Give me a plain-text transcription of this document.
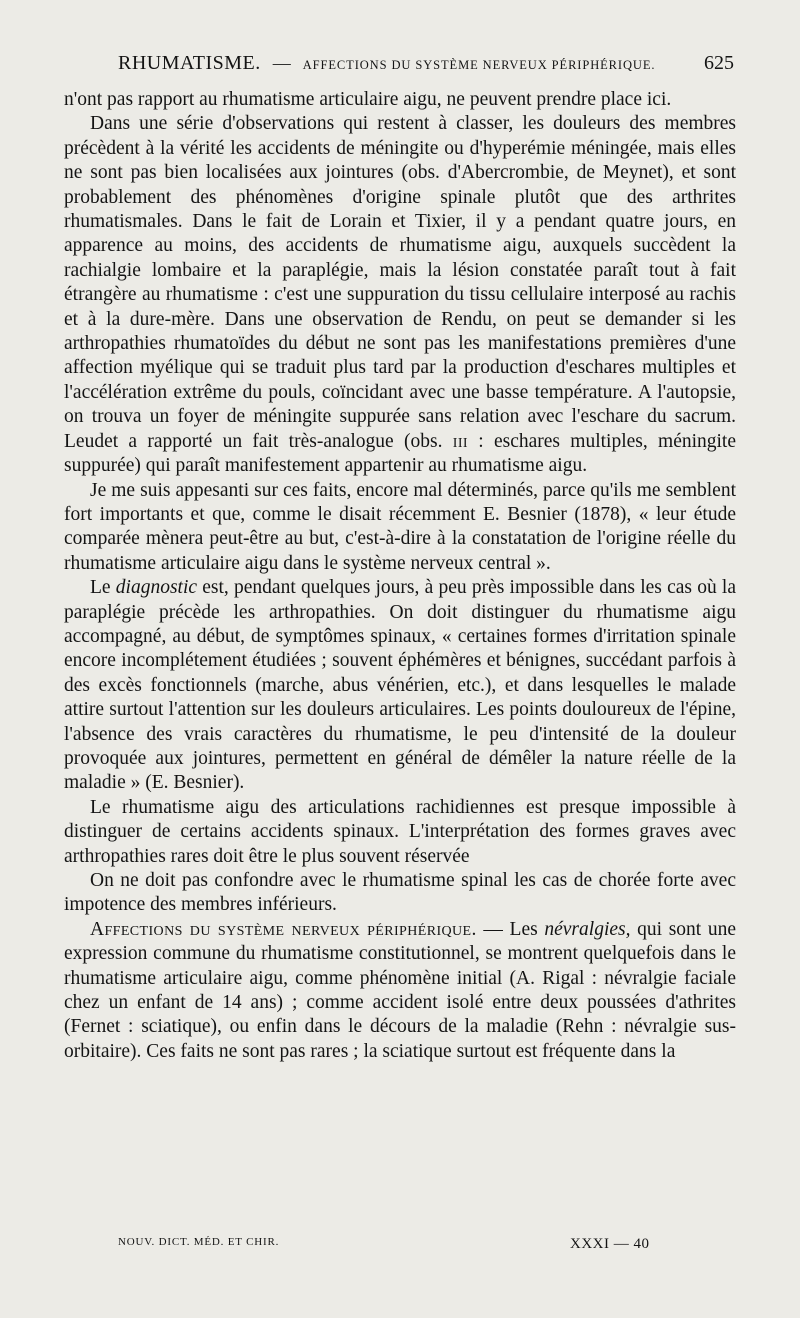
RHUMATISME. — AFFECTIONS DU SYSTÈME NERVEUX PÉRIPHÉRIQUE. 625

n'ont pas rapport au rhumatisme articulaire aigu, ne peuvent prendre place ici.

Dans une série d'observations qui restent à classer, les douleurs des membres précèdent à la vérité les accidents de méningite ou d'hyperémie méningée, mais elles ne sont pas bien localisées aux jointures (obs. d'Abercrombie, de Meynet), et sont probablement des phénomènes d'origine spinale plutôt que des arthrites rhumatismales. Dans le fait de Lorain et Tixier, il y a pendant quatre jours, en apparence au moins, des accidents de rhumatisme aigu, auxquels succèdent la rachialgie lombaire et la paraplégie, mais la lésion constatée paraît tout à fait étrangère au rhumatisme : c'est une suppuration du tissu cellulaire interposé au rachis et à la dure-mère. Dans une observation de Rendu, on peut se demander si les arthropathies rhumatoïdes du début ne sont pas les manifestations premières d'une affection myélique qui se traduit plus tard par la production d'eschares multiples et l'accélération extrême du pouls, coïncidant avec une basse température. A l'autopsie, on trouva un foyer de méningite suppurée sans relation avec l'eschare du sacrum. Leudet a rapporté un fait très-analogue (obs. iii : eschares multiples, méningite suppurée) qui paraît manifestement appartenir au rhumatisme aigu.

Je me suis appesanti sur ces faits, encore mal déterminés, parce qu'ils me semblent fort importants et que, comme le disait récemment E. Besnier (1878), « leur étude comparée mènera peut-être au but, c'est-à-dire à la constatation de l'origine réelle du rhumatisme articulaire aigu dans le système nerveux central ».

Le diagnostic est, pendant quelques jours, à peu près impossible dans les cas où la paraplégie précède les arthropathies. On doit distinguer du rhumatisme aigu accompagné, au début, de symptômes spinaux, « certaines formes d'irritation spinale encore incomplétement étudiées ; souvent éphémères et bénignes, succédant parfois à des excès fonctionnels (marche, abus vénérien, etc.), et dans lesquelles le malade attire surtout l'attention sur les douleurs articulaires. Les points douloureux de l'épine, l'absence des vrais caractères du rhumatisme, le peu d'intensité de la douleur provoquée aux jointures, permettent en général de démêler la nature réelle de la maladie » (E. Besnier).

Le rhumatisme aigu des articulations rachidiennes est presque impossible à distinguer de certains accidents spinaux. L'interprétation des formes graves avec arthropathies rares doit être le plus souvent réservée

On ne doit pas confondre avec le rhumatisme spinal les cas de chorée forte avec impotence des membres inférieurs.

Affections du système nerveux périphérique. — Les névralgies, qui sont une expression commune du rhumatisme constitutionnel, se montrent quelquefois dans le rhumatisme articulaire aigu, comme phénomène initial (A. Rigal : névralgie faciale chez un enfant de 14 ans) ; comme accident isolé entre deux poussées d'athrites (Fernet : sciatique), ou enfin dans le décours de la maladie (Rehn : névralgie sus-orbitaire). Ces faits ne sont pas rares ; la sciatique surtout est fréquente dans la

NOUV. DICT. MÉD. ET CHIR.	XXXI — 40
